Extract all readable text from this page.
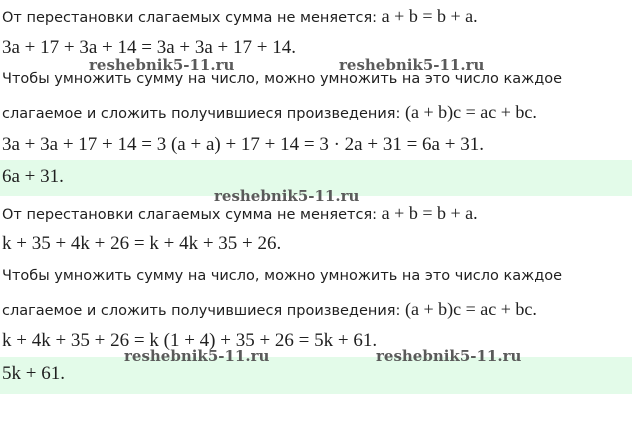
От перестановки слагаемых сумма не меняется: a + b = b + a.
3a + 17 + 3a + 14 = 3a + 3a + 17 + 14.
Чтобы умножить сумму на число, можно умножить на это число каждое
слагаемое и сложить получившиеся произведения: (a + b)c = ac + bc.
3a + 3a + 17 + 14 = 3 (a + a) + 17 + 14 = 3 · 2a + 31 = 6a + 31.
6a + 31.
От перестановки слагаемых сумма не меняется: a + b = b + a.
k + 35 + 4k + 26 = k + 4k + 35 + 26.
Чтобы умножить сумму на число, можно умножить на это число каждое
слагаемое и сложить получившиеся произведения: (a + b)c = ac + bc.
k + 4k + 35 + 26 = k (1 + 4) + 35 + 26 = 5k + 61.
5k + 61.
reshebnik5-11.ru	reshebnik5-11.ru
reshebnik5-11.ru
reshebnik5-11.ru	reshebnik5-11.ru
